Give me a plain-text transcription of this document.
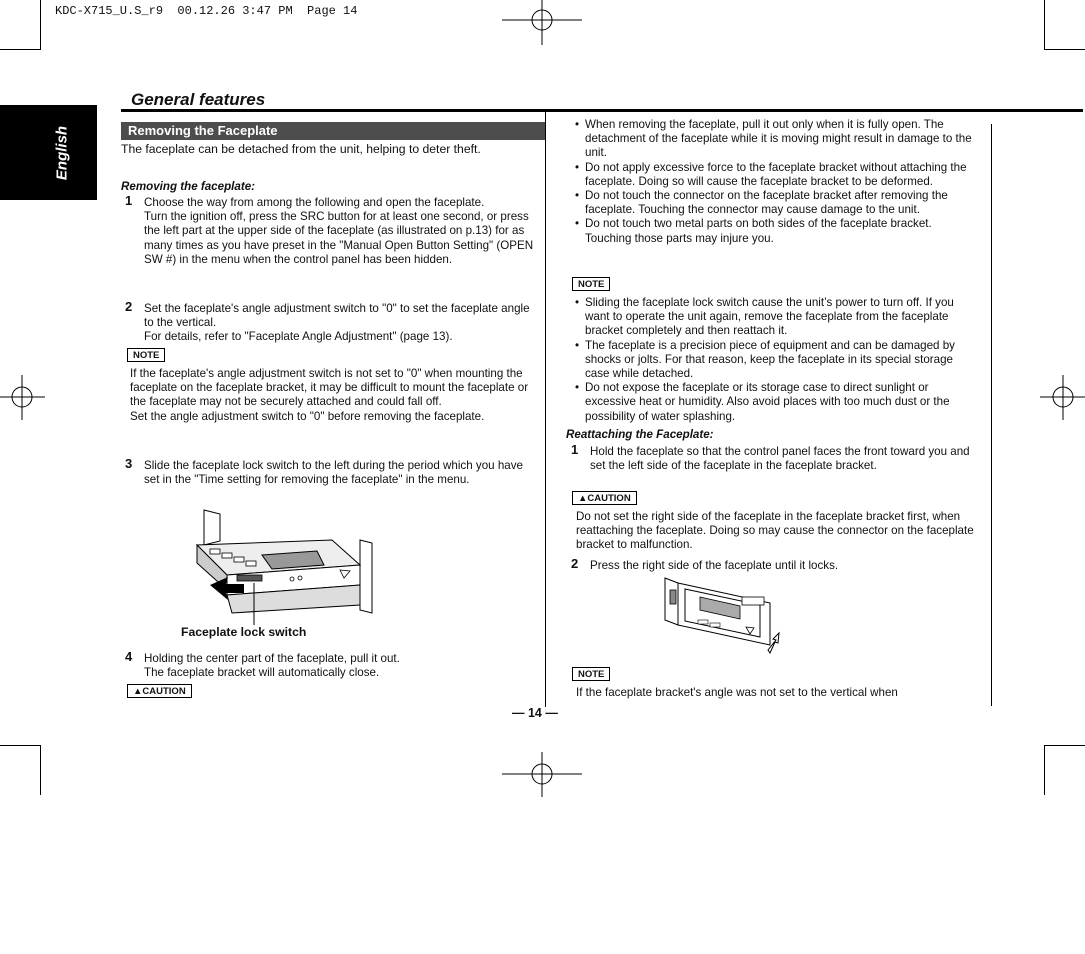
KDC-X715_U.S_r9  00.12.26 3:47 PM  Page 14
English
General features
Removing the Faceplate
The faceplate can be detached from the unit, helping to deter theft.
Removing the faceplate:
1 Choose the way from among the following and open the faceplate.
Turn the ignition off, press the SRC button for at least one second, or press the left part at the upper side of the faceplate (as illustrated on p.13) for as many times as you have preset in the "Manual Open Button Setting" (OPEN SW #) in the menu when the control panel has been hidden.
2 Set the faceplate's angle adjustment switch to "0" to set the faceplate angle to the vertical.
For details, refer to "Faceplate Angle Adjustment" (page 13).
NOTE
If the faceplate's angle adjustment switch is not set to "0" when mounting the faceplate on the faceplate bracket, it may be difficult to mount the faceplate or the faceplate may not be securely attached and could fall off.
Set the angle adjustment switch to "0" before removing the faceplate.
3 Slide the faceplate lock switch to the left during the period which you have set in the "Time setting for removing the faceplate" in the menu.
Faceplate lock switch
4 Holding the center part of the faceplate, pull it out.
The faceplate bracket will automatically close.
▲CAUTION
• When removing the faceplate, pull it out only when it is fully open. The detachment of the faceplate while it is moving might result in damage to the unit.
• Do not apply excessive force to the faceplate bracket without attaching the faceplate. Doing so will cause the faceplate bracket to be deformed.
• Do not touch the connector on the faceplate bracket after removing the faceplate. Touching the connector may cause damage to the unit.
• Do not touch two metal parts on both sides of the faceplate bracket. Touching those parts may injure you.
NOTE
• Sliding the faceplate lock switch cause the unit’s power to turn off. If you want to operate the unit again, remove the faceplate from the faceplate bracket completely and then reattach it.
• The faceplate is a precision piece of equipment and can be damaged by shocks or jolts. For that reason, keep the faceplate in its special storage case while detached.
• Do not expose the faceplate or its storage case to direct sunlight or excessive heat or humidity. Also avoid places with too much dust or the possibility of water splashing.
Reattaching the Faceplate:
1 Hold the faceplate so that the control panel faces the front toward you and set the left side of the faceplate in the faceplate bracket.
▲CAUTION
Do not set the right side of the faceplate in the faceplate bracket first, when reattaching the faceplate. Doing so may cause the connector on the faceplate bracket to malfunction.
2 Press the right side of the faceplate until it locks.
NOTE
If the faceplate bracket's angle was not set to the vertical when
— 14 —
